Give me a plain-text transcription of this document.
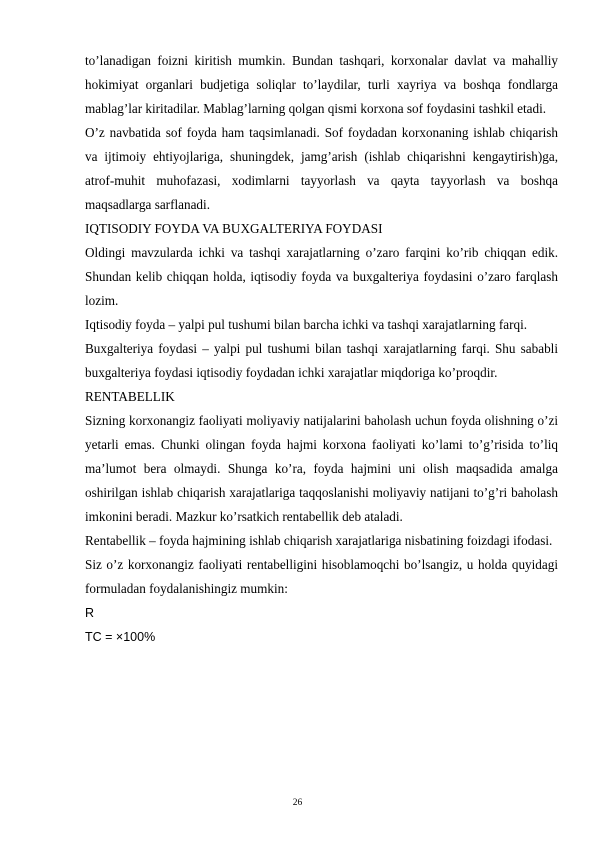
to’lanadigan foizni kiritish mumkin. Bundan tashqari, korxonalar davlat va mahalliy hokimiyat organlari budjetiga soliqlar to’laydilar, turli xayriya va boshqa fondlarga mablag’lar kiritadilar. Mablag’larning qolgan qismi korxona sof foydasini tashkil etadi.

O’z navbatida sof foyda ham taqsimlanadi. Sof foydadan korxonaning ishlab chiqarish va ijtimoiy ehtiyojlariga, shuningdek, jamg’arish (ishlab chiqarishni kengaytirish)ga, atrof-muhit muhofazasi, xodimlarni tayyorlash va qayta tayyorlash va boshqa maqsadlarga sarflanadi.

IQTISODIY FOYDA VA BUXGALTERIYA FOYDASI

Oldingi mavzularda ichki va tashqi xarajatlarning o’zaro farqini ko’rib chiqqan edik. Shundan kelib chiqqan holda, iqtisodiy foyda va buxgalteriya foydasini o’zaro farqlash lozim.

Iqtisodiy foyda – yalpi pul tushumi bilan barcha ichki va tashqi xarajatlarning farqi.

Buxgalteriya foydasi – yalpi pul tushumi bilan tashqi xarajatlarning farqi. Shu sababli buxgalteriya foydasi iqtisodiy foydadan ichki xarajatlar miqdoriga ko’proqdir.

RENTABELLIK

Sizning korxonangiz faoliyati moliyaviy natijalarini baholash uchun foyda olishning o’zi yetarli emas. Chunki olingan foyda hajmi korxona faoliyati ko’lami to’g’risida to’liq ma’lumot bera olmaydi. Shunga ko’ra, foyda hajmini uni olish maqsadida amalga oshirilgan ishlab chiqarish xarajatlariga taqqoslanishi moliyaviy natijani to’g’ri baholash imkonini beradi. Mazkur ko’rsatkich rentabellik deb ataladi.

Rentabellik – foyda hajmining ishlab chiqarish xarajatlariga nisbatining foizdagi ifodasi.

Siz o’z korxonangiz faoliyati rentabelligini hisoblamoqchi bo’lsangiz, u holda quyidagi formuladan foydalanishingiz mumkin:

R

TC = ×100%

26
